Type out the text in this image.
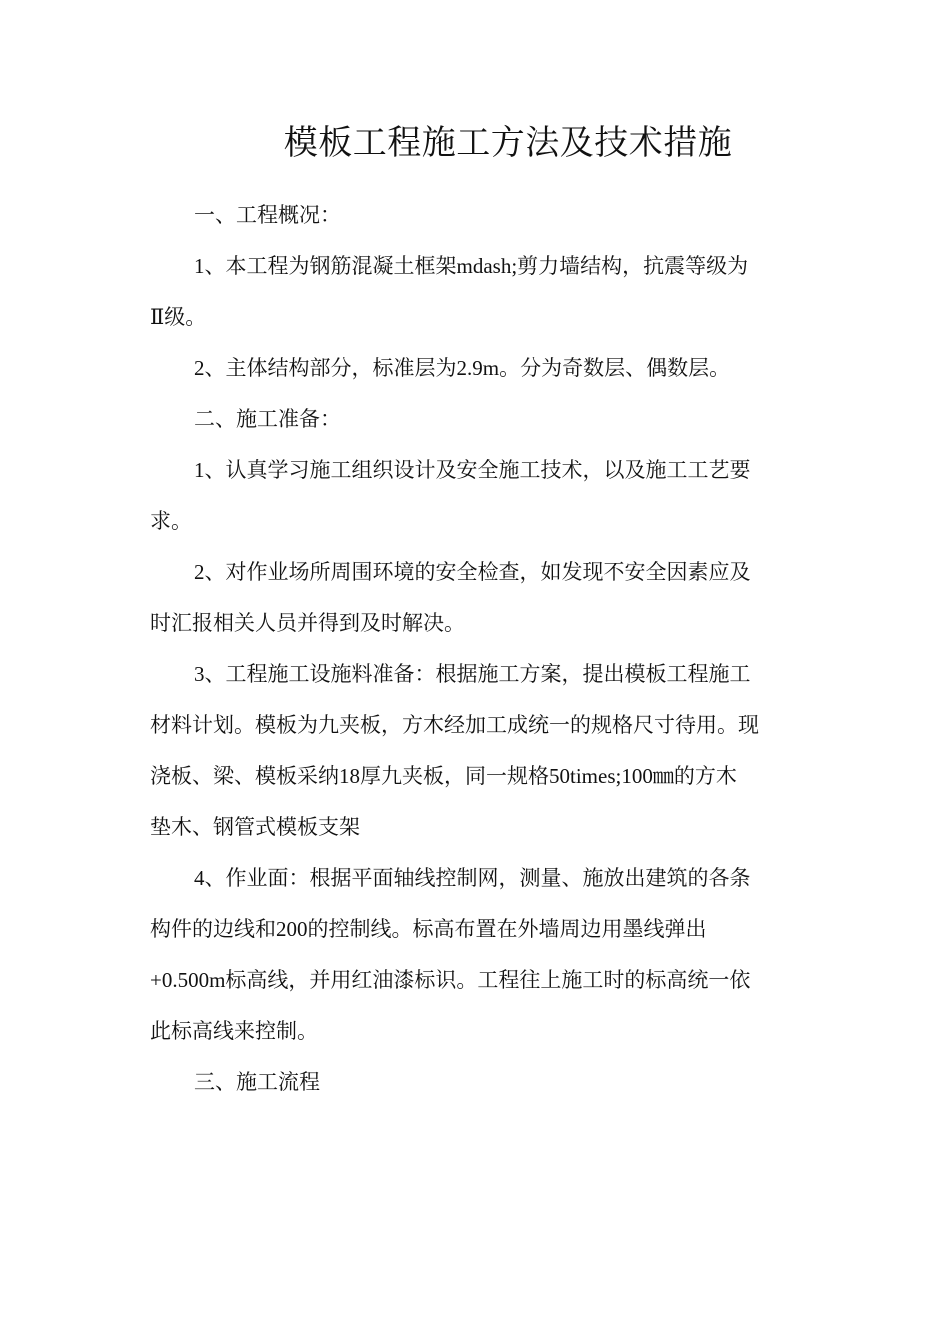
模板工程施工方法及技术措施

一、工程概况：

1、本工程为钢筋混凝土框架mdash;剪力墙结构，抗震等级为

Ⅱ级。

2、主体结构部分，标准层为2.9m。分为奇数层、偶数层。

二、施工准备：

1、认真学习施工组织设计及安全施工技术，以及施工工艺要

求。

2、对作业场所周围环境的安全检查，如发现不安全因素应及

时汇报相关人员并得到及时解决。

3、工程施工设施料准备：根据施工方案，提出模板工程施工

材料计划。模板为九夹板，方木经加工成统一的规格尺寸待用。现

浇板、梁、模板采纳18厚九夹板，同一规格50times;100㎜的方木

垫木、钢管式模板支架

4、作业面：根据平面轴线控制网，测量、施放出建筑的各条

构件的边线和200的控制线。标高布置在外墙周边用墨线弹出

+0.500m标高线，并用红油漆标识。工程往上施工时的标高统一依

此标高线来控制。

三、施工流程
